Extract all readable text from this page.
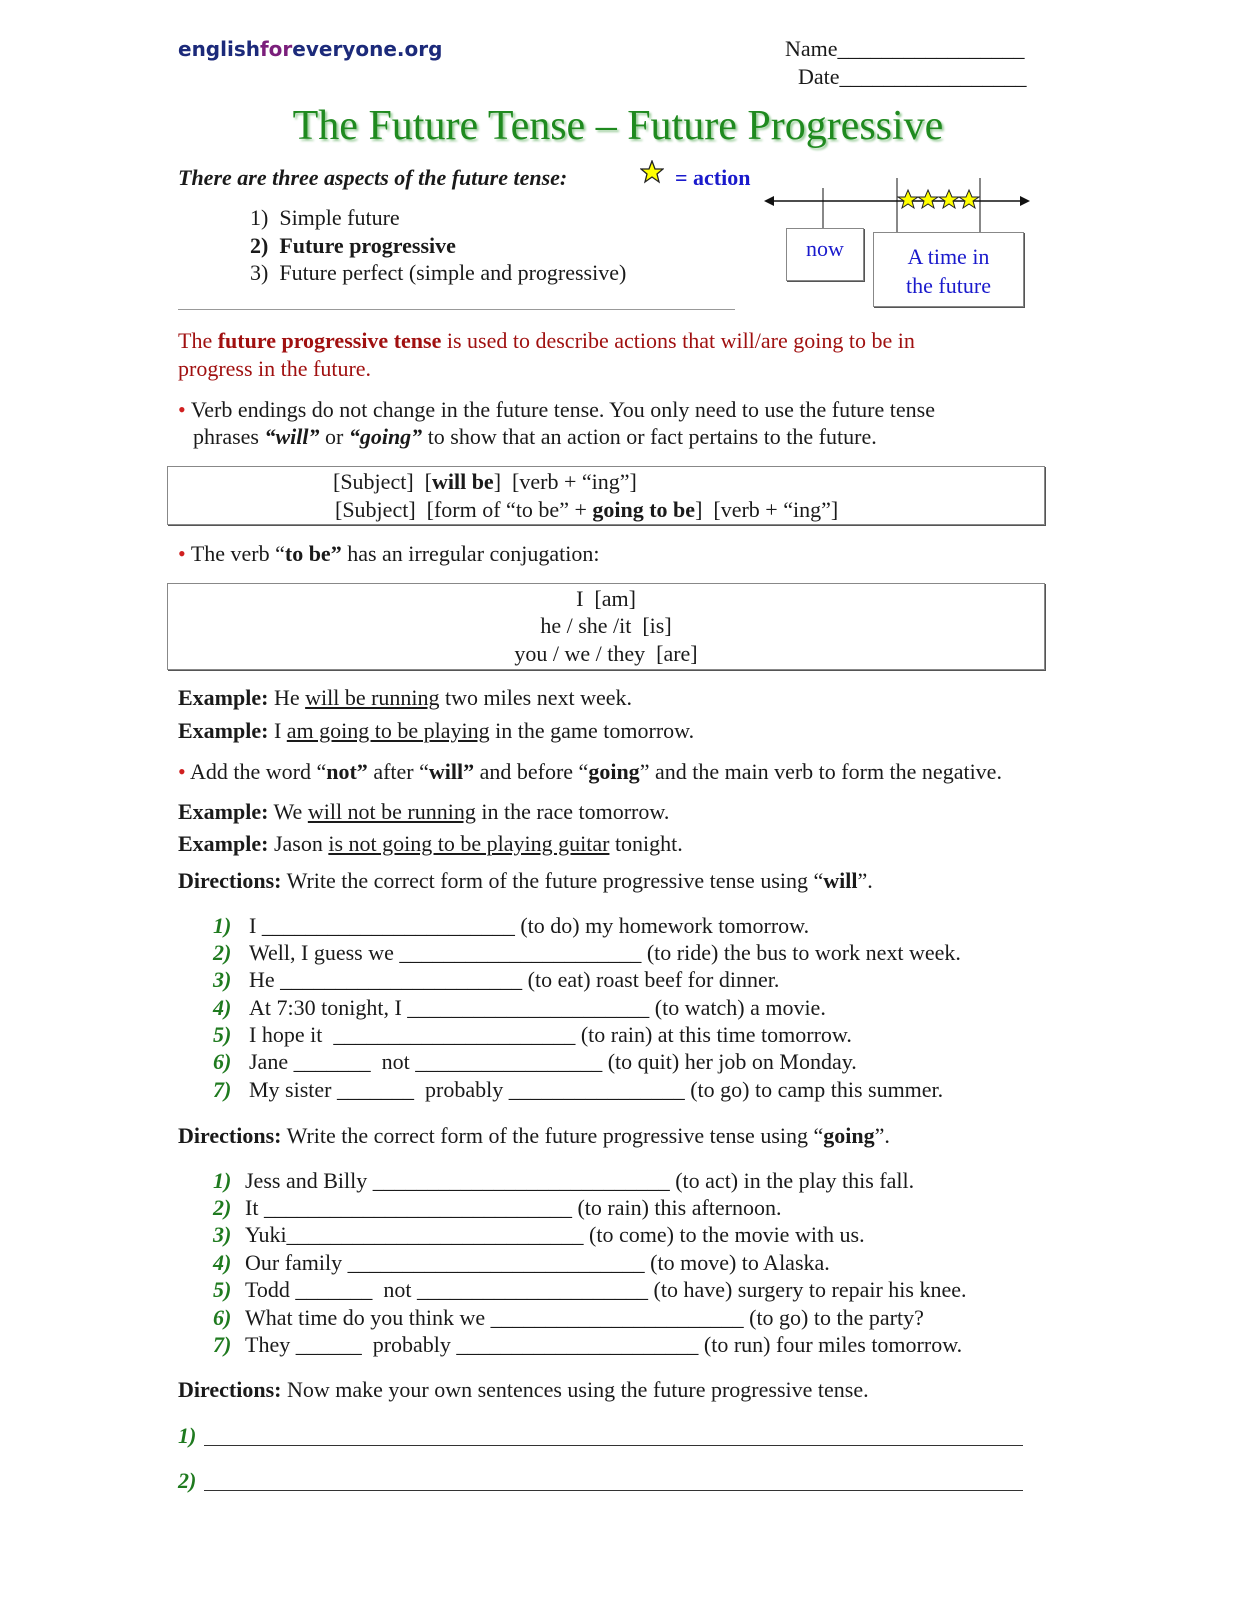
englishforeveryone.org	Name_________________
Date_________________
The Future Tense – Future Progressive
There are three aspects of the future tense:	= action
1) Simple future
2) Future progressive
3) Future perfect (simple and progressive)
now	A time in
the future
The future progressive tense is used to describe actions that will/are going to be in
progress in the future.
• Verb endings do not change in the future tense. You only need to use the future tense
phrases “will” or “going” to show that an action or fact pertains to the future.
[Subject]  [will be]  [verb + “ing”]
[Subject]  [form of “to be” + going to be]  [verb + “ing”]
• The verb “to be” has an irregular conjugation:
I  [am]
he / she /it  [is]
you / we / they  [are]
Example: He will be running two miles next week.
Example: I am going to be playing in the game tomorrow.
• Add the word “not” after “will” and before “going” and the main verb to form the negative.
Example: We will not be running in the race tomorrow.
Example: Jason is not going to be playing guitar tonight.
Directions: Write the correct form of the future progressive tense using “will”.
1) I _______________________ (to do) my homework tomorrow.
2) Well, I guess we ______________________ (to ride) the bus to work next week.
3) He ______________________ (to eat) roast beef for dinner.
4) At 7:30 tonight, I ______________________ (to watch) a movie.
5) I hope it  ______________________ (to rain) at this time tomorrow.
6) Jane _______  not _________________ (to quit) her job on Monday.
7) My sister _______  probably ________________ (to go) to camp this summer.
Directions: Write the correct form of the future progressive tense using “going”.
1) Jess and Billy ___________________________ (to act) in the play this fall.
2) It ____________________________ (to rain) this afternoon.
3) Yuki___________________________ (to come) to the movie with us.
4) Our family ___________________________ (to move) to Alaska.
5) Todd _______  not _____________________ (to have) surgery to repair his knee.
6) What time do you think we _______________________ (to go) to the party?
7) They ______  probably ______________________ (to run) four miles tomorrow.
Directions: Now make your own sentences using the future progressive tense.
1)
2)
